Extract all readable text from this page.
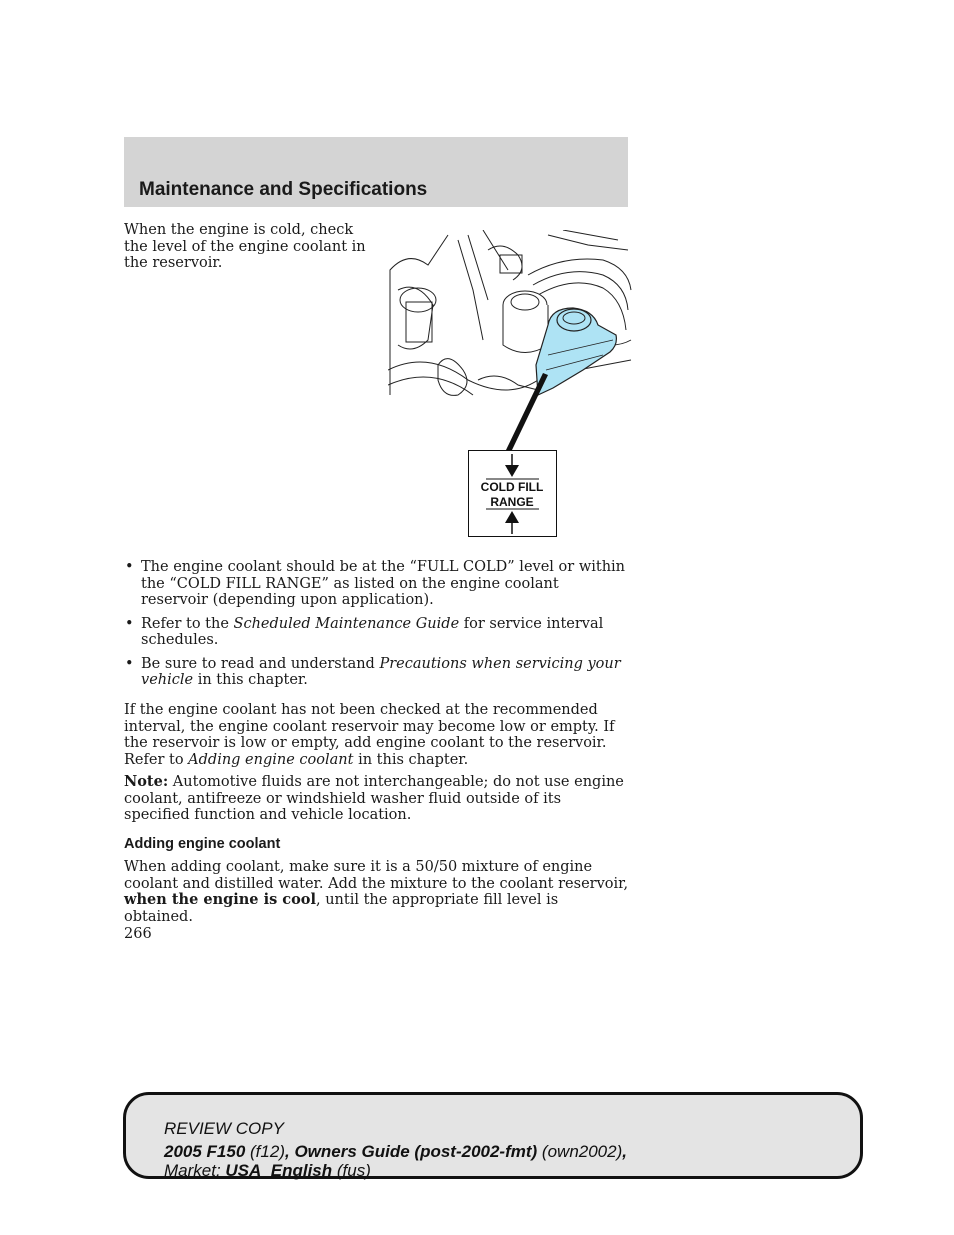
Maintenance and Specifications
When the engine is cold, check the level of the engine coolant in the reservoir.
COLD FILL
RANGE
• The engine coolant should be at the “FULL COLD” level or within the “COLD FILL RANGE” as listed on the engine coolant reservoir (depending upon application).
• Refer to the Scheduled Maintenance Guide for service interval schedules.
• Be sure to read and understand Precautions when servicing your vehicle in this chapter.
If the engine coolant has not been checked at the recommended interval, the engine coolant reservoir may become low or empty. If the reservoir is low or empty, add engine coolant to the reservoir. Refer to Adding engine coolant in this chapter.
Note: Automotive fluids are not interchangeable; do not use engine coolant, antifreeze or windshield washer fluid outside of its specified function and vehicle location.
Adding engine coolant
When adding coolant, make sure it is a 50/50 mixture of engine coolant and distilled water. Add the mixture to the coolant reservoir, when the engine is cool, until the appropriate fill level is obtained.
266
REVIEW COPY
2005 F150 (f12), Owners Guide (post-2002-fmt) (own2002),
Market: USA_English (fus)
